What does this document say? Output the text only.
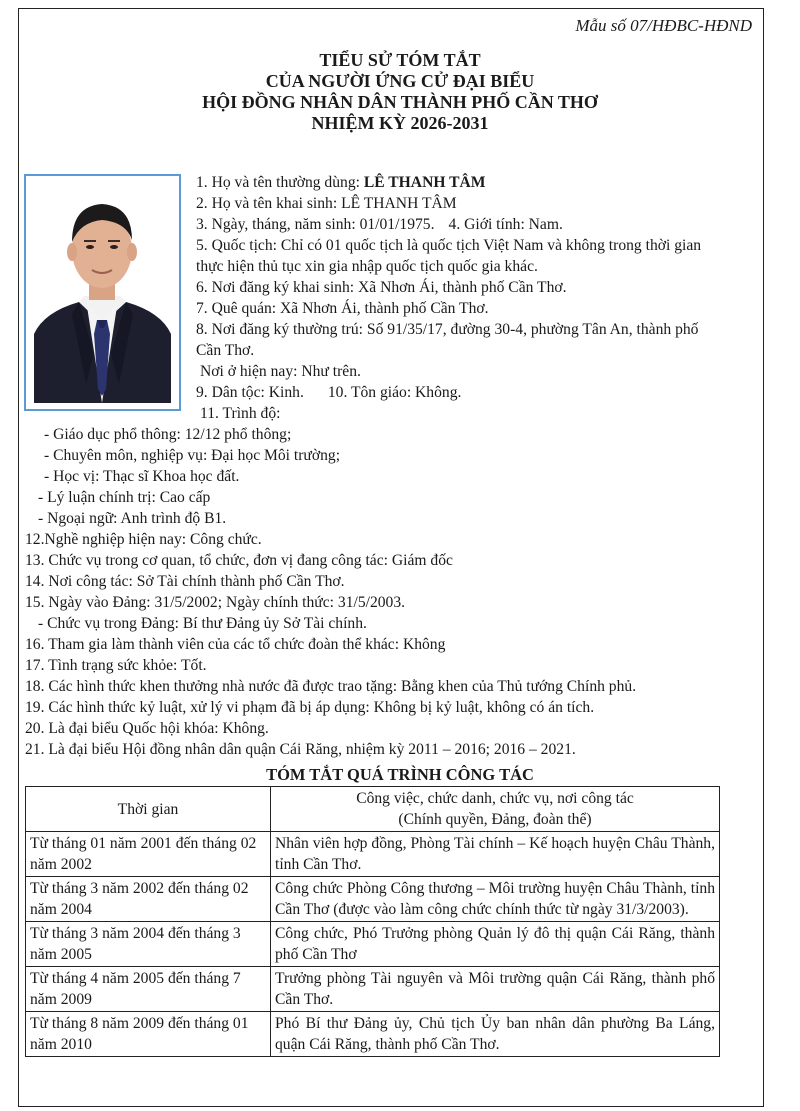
Mẫu số 07/HĐBC-HĐND
TIỂU SỬ TÓM TẮT
CỦA NGƯỜI ỨNG CỬ ĐẠI BIỂU
HỘI ĐỒNG NHÂN DÂN THÀNH PHỐ CẦN THƠ
NHIỆM KỲ 2026-2031
1. Họ và tên thường dùng: LÊ THANH TÂM
2. Họ và tên khai sinh: LÊ THANH TÂM
3. Ngày, tháng, năm sinh: 01/01/1975. 4. Giới tính: Nam.
5. Quốc tịch: Chỉ có 01 quốc tịch là quốc tịch Việt Nam và không trong thời gian
thực hiện thủ tục xin gia nhập quốc tịch quốc gia khác.
6. Nơi đăng ký khai sinh: Xã Nhơn Ái, thành phố Cần Thơ.
7. Quê quán: Xã Nhơn Ái, thành phố Cần Thơ.
8. Nơi đăng ký thường trú: Số 91/35/17, đường 30-4, phường Tân An, thành phố
Cần Thơ.
Nơi ở hiện nay: Như trên.
9. Dân tộc: Kinh. 10. Tôn giáo: Không.
11. Trình độ:
- Giáo dục phổ thông: 12/12 phổ thông;
- Chuyên môn, nghiệp vụ: Đại học Môi trường;
- Học vị: Thạc sĩ Khoa học đất.
- Lý luận chính trị: Cao cấp
- Ngoại ngữ: Anh trình độ B1.
12.Nghề nghiệp hiện nay: Công chức.
13. Chức vụ trong cơ quan, tổ chức, đơn vị đang công tác: Giám đốc
14. Nơi công tác: Sở Tài chính thành phố Cần Thơ.
15. Ngày vào Đảng: 31/5/2002; Ngày chính thức: 31/5/2003.
- Chức vụ trong Đảng: Bí thư Đảng ủy Sở Tài chính.
16. Tham gia làm thành viên của các tổ chức đoàn thể khác: Không
17. Tình trạng sức khỏe: Tốt.
18. Các hình thức khen thưởng nhà nước đã được trao tặng: Bằng khen của Thủ tướng Chính phủ.
19. Các hình thức kỷ luật, xử lý vi phạm đã bị áp dụng: Không bị kỷ luật, không có án tích.
20. Là đại biểu Quốc hội khóa: Không.
21. Là đại biểu Hội đồng nhân dân quận Cái Răng, nhiệm kỳ 2011 – 2016; 2016 – 2021.
TÓM TẮT QUÁ TRÌNH CÔNG TÁC
Thời gian	Công việc, chức danh, chức vụ, nơi công tác
(Chính quyền, Đảng, đoàn thể)

Từ tháng 01 năm 2001 đến tháng 02 năm 2002	Nhân viên hợp đồng, Phòng Tài chính – Kế hoạch huyện Châu Thành, tỉnh Cần Thơ.
Từ tháng 3 năm 2002 đến tháng 02 năm 2004	Công chức Phòng Công thương – Môi trường huyện Châu Thành, tỉnh Cần Thơ (được vào làm công chức chính thức từ ngày 31/3/2003).
Từ tháng 3 năm 2004 đến tháng 3 năm 2005	Công chức, Phó Trưởng phòng Quản lý đô thị quận Cái Răng, thành phố Cần Thơ
Từ tháng 4 năm 2005 đến tháng 7 năm 2009	Trưởng phòng Tài nguyên và Môi trường quận Cái Răng, thành phố Cần Thơ.
Từ tháng 8 năm 2009 đến tháng 01 năm 2010	Phó Bí thư Đảng ủy, Chủ tịch Ủy ban nhân dân phường Ba Láng, quận Cái Răng, thành phố Cần Thơ.
